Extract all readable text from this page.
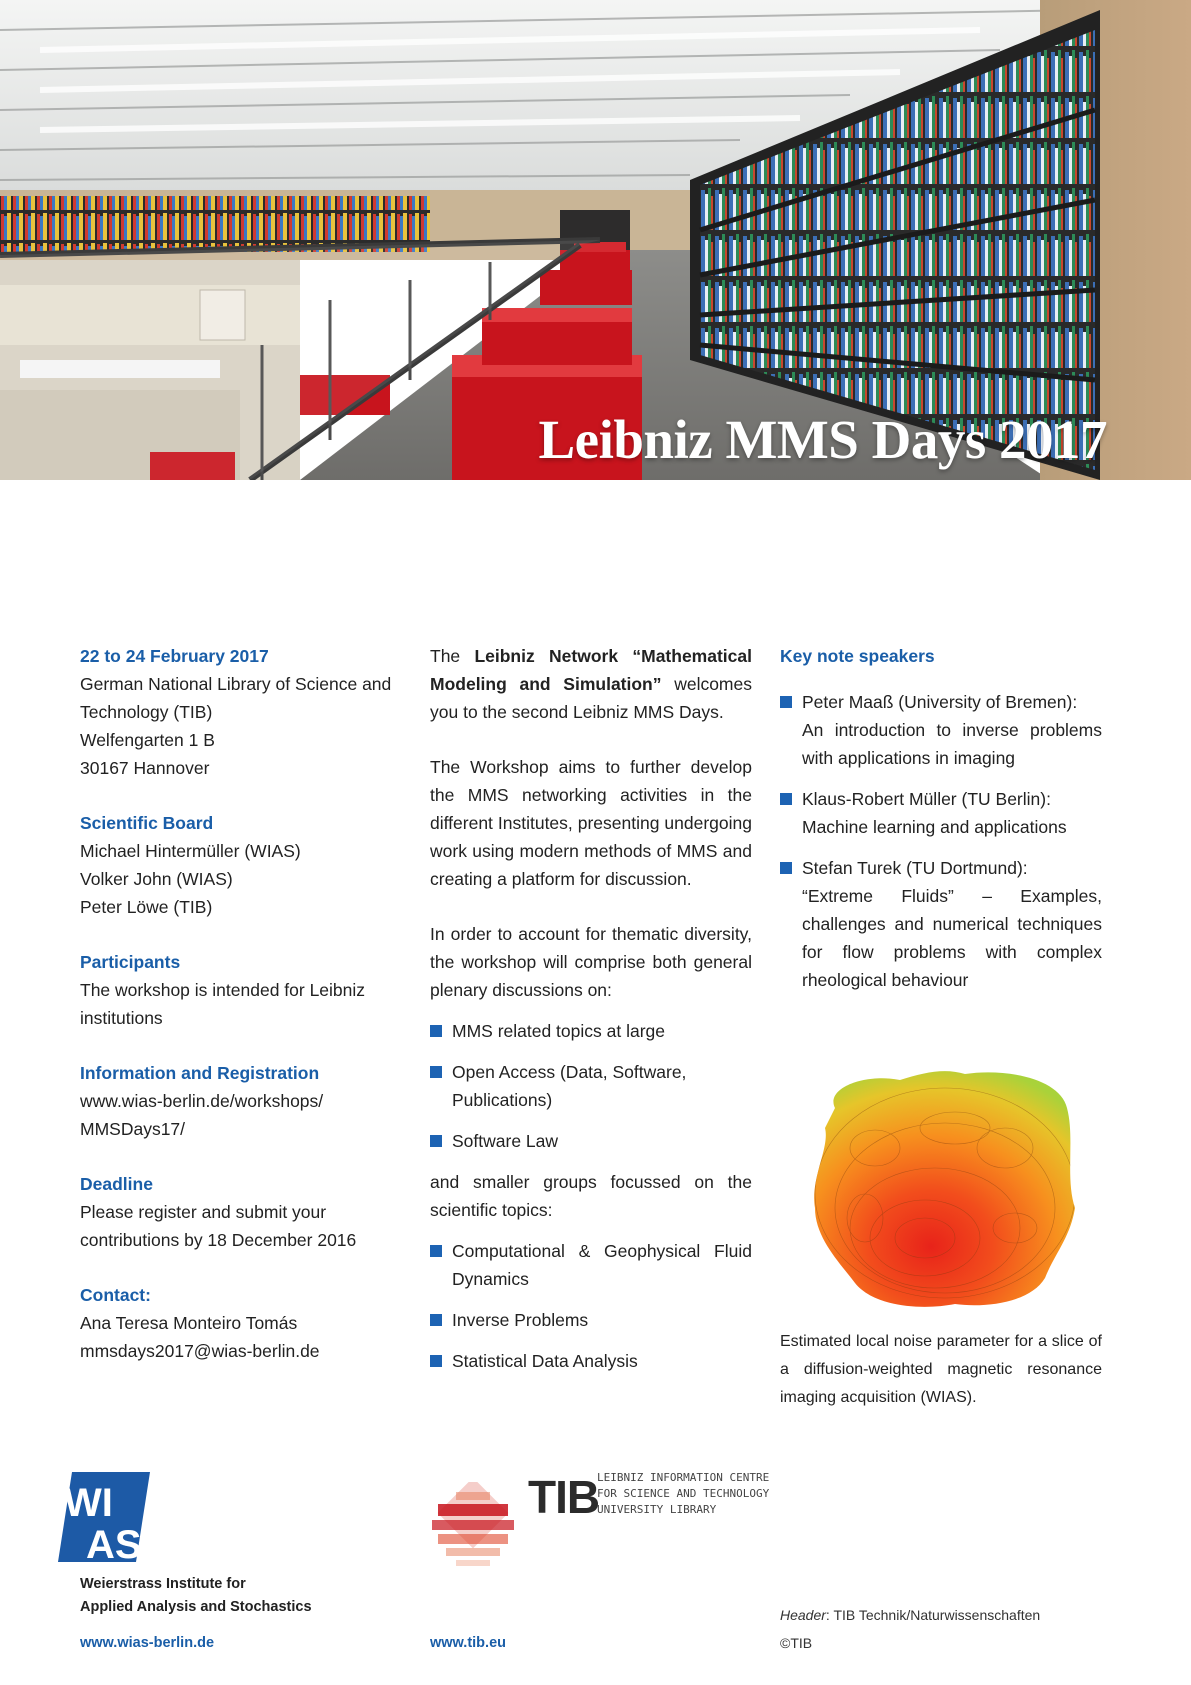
Leibniz MMS Days 2017
22 to 24 February 2017
German National Library of Science and Technology (TIB)
Welfengarten 1 B
30167 Hannover
Scientific Board
Michael Hintermüller (WIAS)
Volker John (WIAS)
Peter Löwe (TIB)
Participants
The workshop is intended for Leibniz institutions
Information and Registration
www.wias-berlin.de/workshops/
MMSDays17/
Deadline
Please register and submit your contributions by 18 December 2016
Contact:
Ana Teresa Monteiro Tomás
mmsdays2017@wias-berlin.de
The Leibniz Network “Mathematical Modeling and Simulation” welcomes you to the second Leibniz MMS Days.
The Workshop aims to further develop the MMS networking activities in the different Institutes, presenting undergoing work using modern methods of MMS and creating a platform for discussion.
In order to account for thematic diversity, the workshop will comprise both general plenary discussions on:
MMS related topics at large
Open Access (Data, Software, Publications)
Software Law
and smaller groups focussed on the scientific topics:
Computational & Geophysical Fluid Dynamics
Inverse Problems
Statistical Data Analysis
Key note speakers
Peter Maaß (University of Bremen):
An introduction to inverse problems with applications in imaging
Klaus-Robert Müller (TU Berlin):
Machine learning and applications
Stefan Turek (TU Dortmund):
“Extreme Fluids” – Examples, challenges and numerical techniques for flow problems with complex rheological behaviour
Estimated local noise parameter for a slice of a diffusion-weighted magnetic resonance imaging acquisition (WIAS).
WI
AS
Weierstrass Institute for
Applied Analysis and Stochastics
www.wias-berlin.de
TIB
LEIBNIZ INFORMATION CENTRE
FOR SCIENCE AND TECHNOLOGY
UNIVERSITY LIBRARY
www.tib.eu
Header: TIB Technik/Naturwissenschaften
©TIB
